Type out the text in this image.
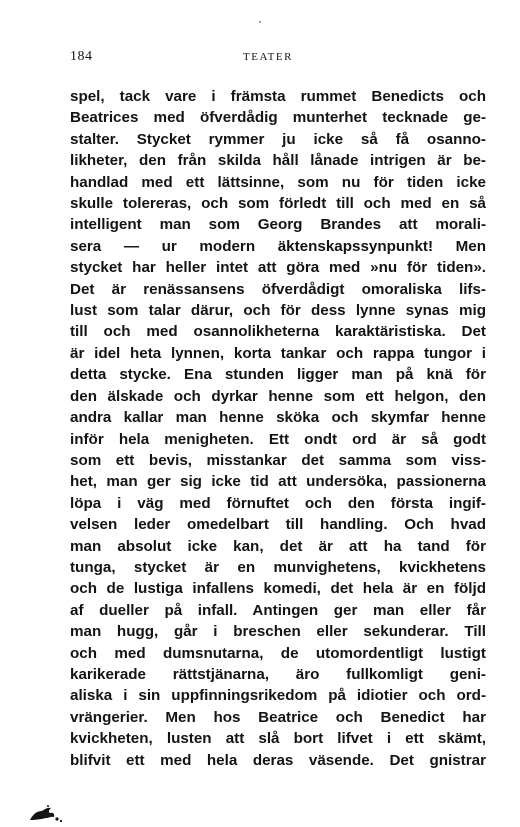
184	TEATER
spel, tack vare i främsta rummet Benedicts och
Beatrices med öfverdådig munterhet tecknade ge-
stalter. Stycket rymmer ju icke så få osanno-
likheter, den från skilda håll lånade intrigen är be-
handlad med ett lättsinne, som nu för tiden icke
skulle tolereras, och som förledt till och med en så
intelligent man som Georg Brandes att morali-
sera — ur modern äktenskapssynpunkt! Men
stycket har heller intet att göra med »nu för tiden».
Det är renässansens öfverdådigt omoraliska lifs-
lust som talar därur, och för dess lynne synas mig
till och med osannolikheterna karaktäristiska. Det
är idel heta lynnen, korta tankar och rappa tungor i
detta stycke. Ena stunden ligger man på knä för
den älskade och dyrkar henne som ett helgon, den
andra kallar man henne sköka och skymfar henne
inför hela menigheten. Ett ondt ord är så godt
som ett bevis, misstankar det samma som viss-
het, man ger sig icke tid att undersöka, passionerna
löpa i väg med förnuftet och den första ingif-
velsen leder omedelbart till handling. Och hvad
man absolut icke kan, det är att ha tand för
tunga, stycket är en munvighetens, kvickhetens
och de lustiga infallens komedi, det hela är en följd
af dueller på infall. Antingen ger man eller får
man hugg, går i breschen eller sekunderar. Till
och med dumsnutarna, de utomordentligt lustigt
karikerade rättstjänarna, äro fullkomligt geni-
aliska i sin uppfinningsrikedom på idiotier och ord-
vrängerier. Men hos Beatrice och Benedict har
kvickheten, lusten att slå bort lifvet i ett skämt,
blifvit ett med hela deras väsende. Det gnistrar
